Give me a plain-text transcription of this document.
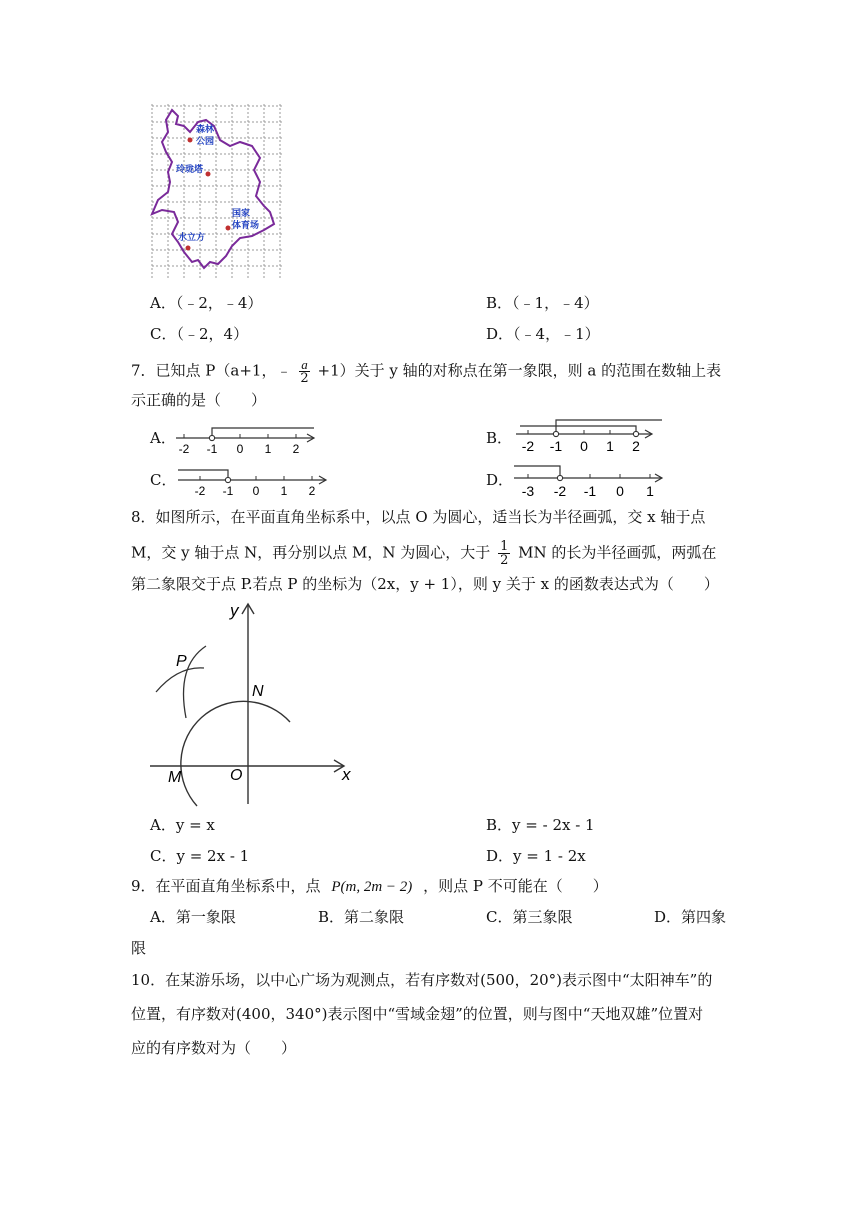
森林
公园
玲珑塔
国家
体育场
水立方
A．（﹣2，﹣4）	B．（﹣1，﹣4）
C．（﹣2，4）	D．（﹣4，﹣1）
7．已知点 P（a+1，﹣ $\frac{a}{2} +1$）关于 y 轴的对称点在第一象限，则 a 的范围在数轴上表
示正确的是（　　）
A．
-2 -1 0 1 2
B． -2 -1 0 1 2
C．
-2 -1 0 1 2
D．
-3 -2 -1 0 1
8．如图所示，在平面直角坐标系中，以点 O 为圆心，适当长为半径画弧，交 x 轴于点
M，交 y 轴于点 N，再分别以点 M，N 为圆心，大于 $\frac{1}{2}$ MN 的长为半径画弧，两弧在
第二象限交于点 P.若点 P 的坐标为（2x，y + 1），则 y 关于 x 的函数表达式为（　　）
y
x
P
N
M	O
A．y = x	B．y = - 2x - 1
C．y = 2x - 1	D．y = 1 - 2x
9．在平面直角坐标系中，点 P(m, 2m − 2) ，则点 P 不可能在（　　）
A．第一象限	B．第二象限	C．第三象限	D．第四象
限
10．在某游乐场，以中心广场为观测点，若有序数对(500，20°)表示图中“太阳神车”的
位置，有序数对(400，340°)表示图中“雪域金翅”的位置，则与图中“天地双雄”位置对
应的有序数对为（　　）
